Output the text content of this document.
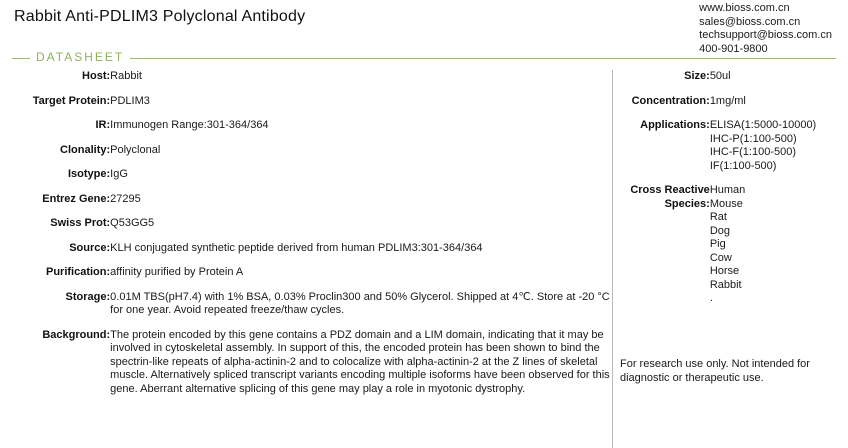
Rabbit Anti-PDLIM3 Polyclonal Antibody	www.bioss.com.cn
sales@bioss.com.cn
techsupport@bioss.com.cn
400-901-9800
DATASHEET
Host:	Rabbit
Target Protein:	PDLIM3
IR:	Immunogen Range:301-364/364
Clonality:	Polyclonal
Isotype:	IgG
Entrez Gene:	27295
Swiss Prot:	Q53GG5
Source:	KLH conjugated synthetic peptide derived from human PDLIM3:301-364/364
Purification:	affinity purified by Protein A
Storage:	0.01M TBS(pH7.4) with 1% BSA, 0.03% Proclin300 and 50% Glycerol. Shipped at 4℃. Store at -20 °C for one year. Avoid repeated freeze/thaw cycles.
Background:	The protein encoded by this gene contains a PDZ domain and a LIM domain, indicating that it may be involved in cytoskeletal assembly. In support of this, the encoded protein has been shown to bind the spectrin-like repeats of alpha-actinin-2 and to colocalize with alpha-actinin-2 at the Z lines of skeletal muscle. Alternatively spliced transcript variants encoding multiple isoforms have been observed for this gene. Aberrant alternative splicing of this gene may play a role in myotonic dystrophy.
Size:	50ul
Concentration:	1mg/ml
Applications:	ELISA(1:5000-10000)
IHC-P(1:100-500)
IHC-F(1:100-500)
IF(1:100-500)

Cross Reactive
Species:	
Human
Mouse
Rat
Dog
Pig
Cow
Horse
Rabbit
.
For research use only. Not intended for diagnostic or therapeutic use.
